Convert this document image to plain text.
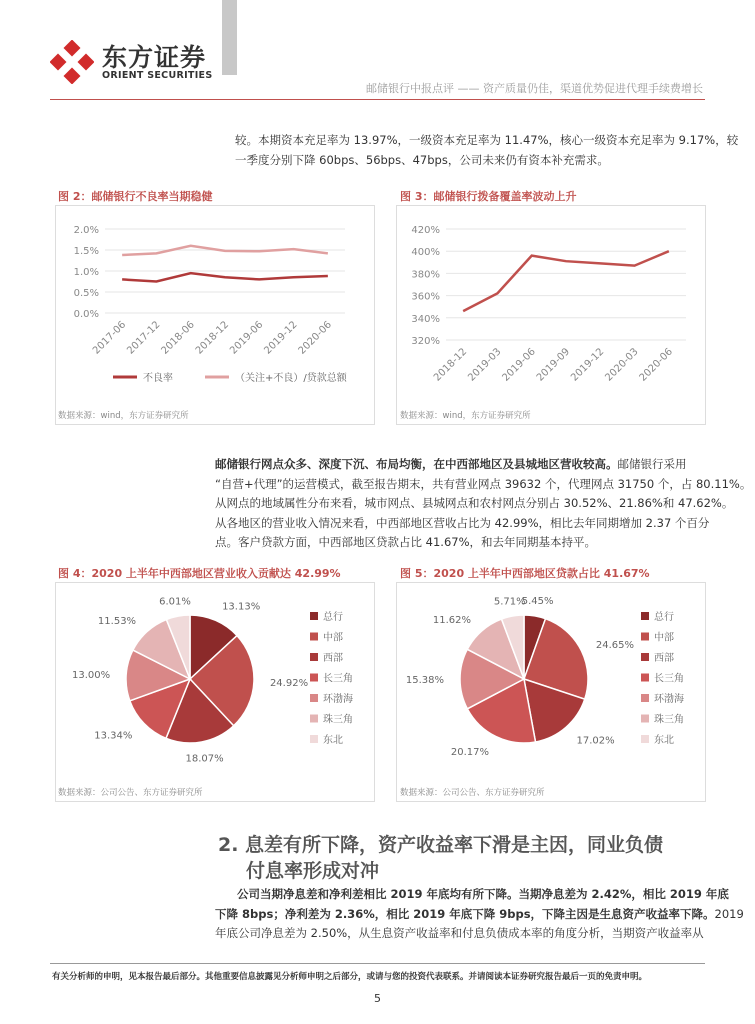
东方证券
ORIENT SECURITIES
邮储银行中报点评 —— 资产质量仍佳，渠道优势促进代理手续费增长
较。本期资本充足率为 13.97%，一级资本充足率为 11.47%，核心一级资本充足率为 9.17%，较
一季度分别下降 60bps、56bps、47bps，公司未来仍有资本补充需求。
图 2：邮储银行不良率当期稳健
0.0%
0.5%
1.0%
1.5%
2.0%
2017-06
2017-12
2018-06
2018-12
2019-06
2019-12
2020-06
不良率	（关注+不良）/贷款总额
数据来源：wind，东方证券研究所
图 3：邮储银行拨备覆盖率波动上升
320%
340%
360%
380%
400%
420%
2018-12
2019-03
2019-06
2019-09
2019-12
2020-03
2020-06
数据来源：wind，东方证券研究所
邮储银行网点众多、深度下沉、布局均衡，在中西部地区及县城地区营收较高。邮储银行采用
“自营+代理”的运营模式，截至报告期末，共有营业网点 39632 个，代理网点 31750 个，占 80.11%。
从网点的地域属性分布来看，城市网点、县城网点和农村网点分别占 30.52%、21.86%和 47.62%。
从各地区的营业收入情况来看，中西部地区营收占比为 42.99%，相比去年同期增加 2.37 个百分
点。客户贷款方面，中西部地区贷款占比 41.67%，和去年同期基本持平。
图 4：2020 上半年中西部地区营业收入贡献达 42.99%
13.13%
24.92%
18.07%
13.34%
13.00%
11.53%
6.01%
总行
中部
西部
长三角
环渤海
珠三角
东北
数据来源：公司公告、东方证券研究所
图 5：2020 上半年中西部地区贷款占比 41.67%
5.45%
24.65%
17.02%
20.17%
15.38%
11.62%
5.71%
总行
中部
西部
长三角
环渤海
珠三角
东北
数据来源：公司公告、东方证券研究所
2. 息差有所下降，资产收益率下滑是主因，同业负债
付息率形成对冲
公司当期净息差和净利差相比 2019 年底均有所下降。当期净息差为 2.42%，相比 2019 年底
下降 8bps；净利差为 2.36%，相比 2019 年底下降 9bps，下降主因是生息资产收益率下降。2019
年底公司净息差为 2.50%，从生息资产收益率和付息负债成本率的角度分析，当期资产收益率从
有关分析师的申明，见本报告最后部分。其他重要信息披露见分析师申明之后部分，或请与您的投资代表联系。并请阅读本证券研究报告最后一页的免责申明。
5
